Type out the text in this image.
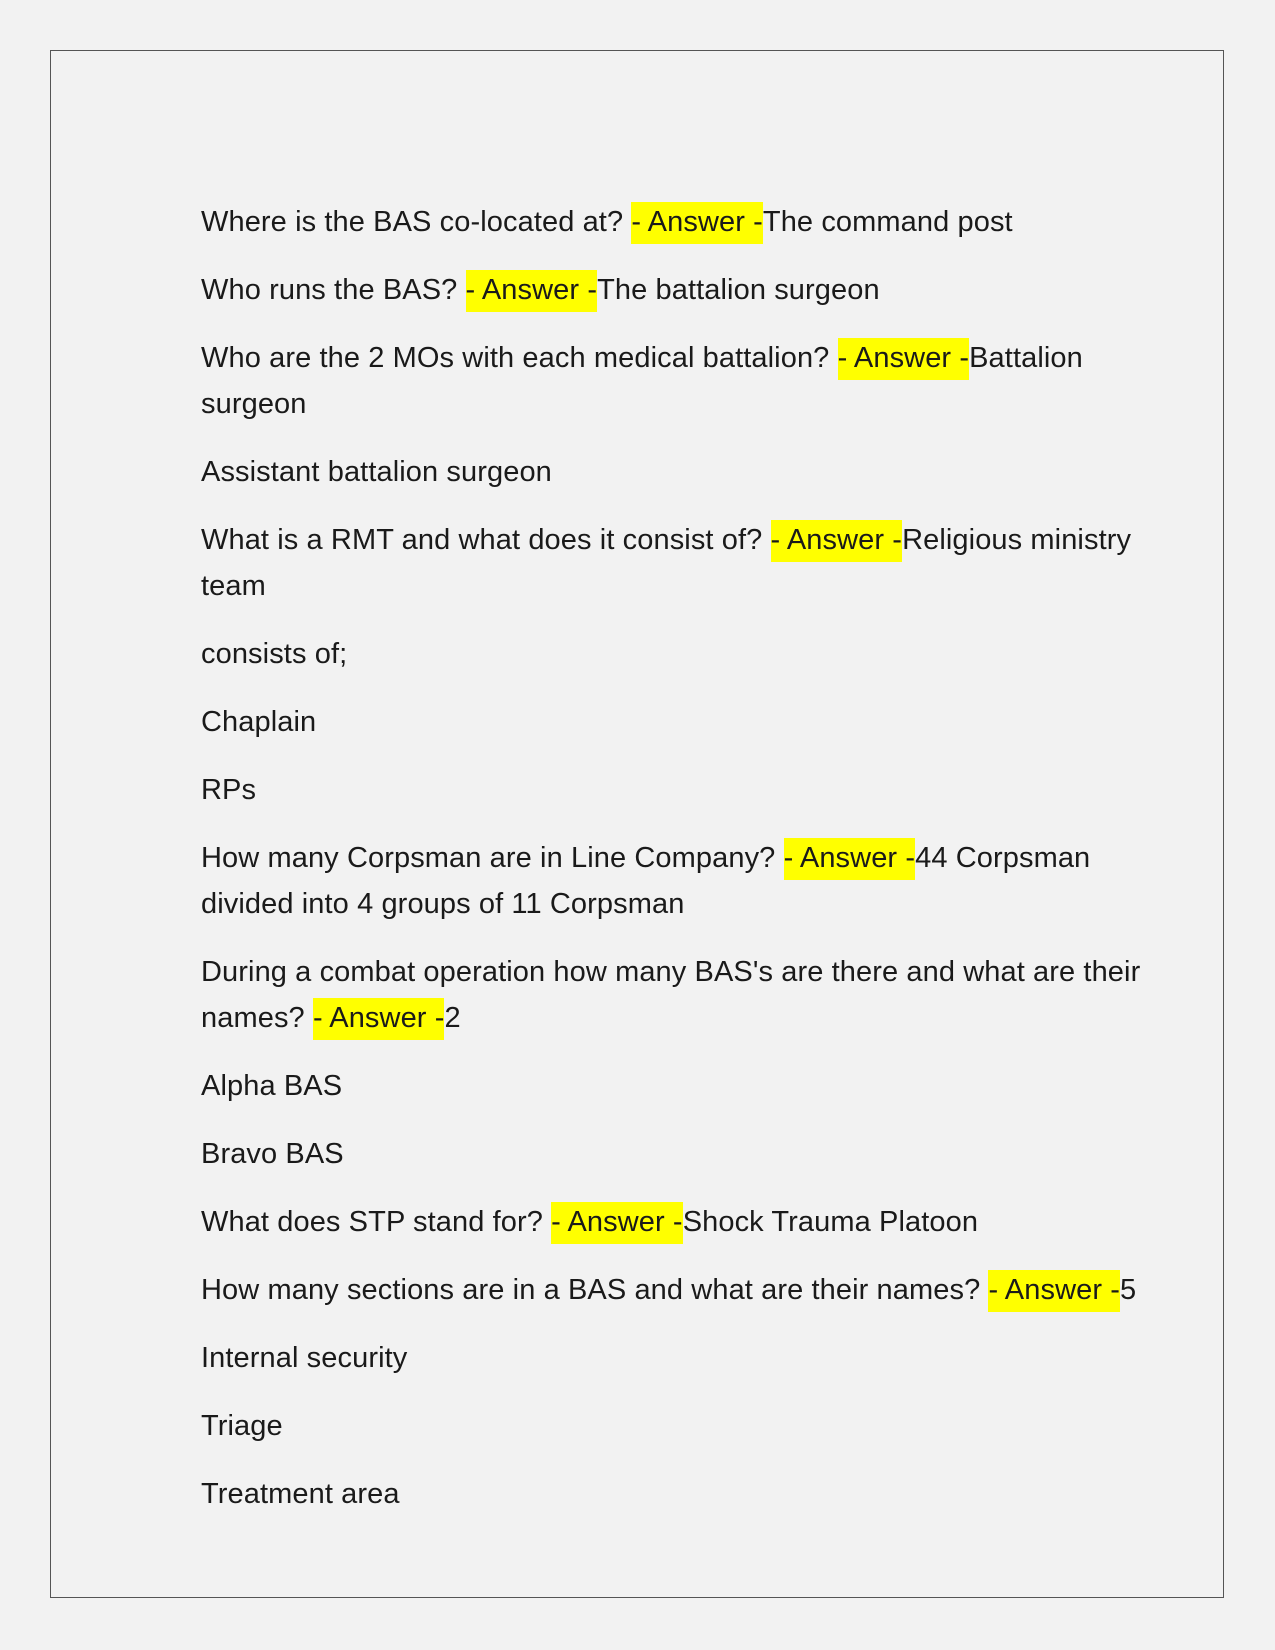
Where is the BAS co-located at? - Answer -The command post

Who runs the BAS? - Answer -The battalion surgeon

Who are the 2 MOs with each medical battalion? - Answer -Battalion surgeon

Assistant battalion surgeon

What is a RMT and what does it consist of? - Answer -Religious ministry team

consists of;

Chaplain

RPs

How many Corpsman are in Line Company? - Answer -44 Corpsman divided into 4 groups of 11 Corpsman

During a combat operation how many BAS's are there and what are their names? - Answer -2

Alpha BAS

Bravo BAS

What does STP stand for? - Answer -Shock Trauma Platoon

How many sections are in a BAS and what are their names? - Answer -5

Internal security

Triage

Treatment area
